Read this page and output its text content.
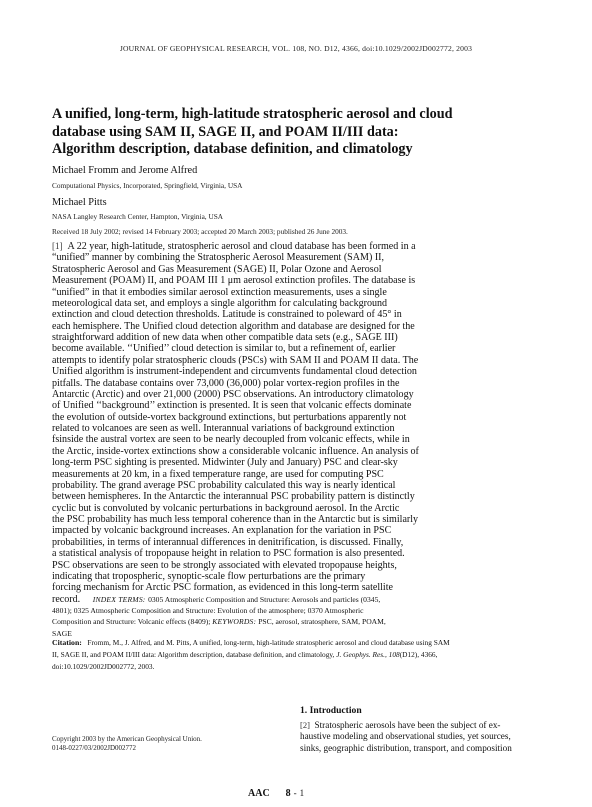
JOURNAL OF GEOPHYSICAL RESEARCH, VOL. 108, NO. D12, 4366, doi:10.1029/2002JD002772, 2003
A unified, long-term, high-latitude stratospheric aerosol and cloud
database using SAM II, SAGE II, and POAM II/III data:
Algorithm description, database definition, and climatology
Michael Fromm and Jerome Alfred
Computational Physics, Incorporated, Springfield, Virginia, USA
Michael Pitts
NASA Langley Research Center, Hampton, Virginia, USA
Received 18 July 2002; revised 14 February 2003; accepted 20 March 2003; published 26 June 2003.
[1] A 22 year, high-latitude, stratospheric aerosol and cloud database has been formed in a
“unified” manner by combining the Stratospheric Aerosol Measurement (SAM) II,
Stratospheric Aerosol and Gas Measurement (SAGE) II, Polar Ozone and Aerosol
Measurement (POAM) II, and POAM III 1 μm aerosol extinction profiles. The database is
“unified” in that it embodies similar aerosol extinction measurements, uses a single
meteorological data set, and employs a single algorithm for calculating background
extinction and cloud detection thresholds. Latitude is constrained to poleward of 45° in
each hemisphere. The Unified cloud detection algorithm and database are designed for the
straightforward addition of new data when other compatible data sets (e.g., SAGE III)
become available. ‘‘Unified’’ cloud detection is similar to, but a refinement of, earlier
attempts to identify polar stratospheric clouds (PSCs) with SAM II and POAM II data. The
Unified algorithm is instrument-independent and circumvents fundamental cloud detection
pitfalls. The database contains over 73,000 (36,000) polar vortex-region profiles in the
Antarctic (Arctic) and over 21,000 (2000) PSC observations. An introductory climatology
of Unified ‘‘background’’ extinction is presented. It is seen that volcanic effects dominate
the evolution of outside-vortex background extinctions, but perturbations apparently not
related to volcanoes are seen as well. Interannual variations of background extinction
fsinside the austral vortex are seen to be nearly decoupled from volcanic effects, while in
the Arctic, inside-vortex extinctions show a considerable volcanic influence. An analysis of
long-term PSC sighting is presented. Midwinter (July and January) PSC and clear-sky
measurements at 20 km, in a fixed temperature range, are used for computing PSC
probability. The grand average PSC probability calculated this way is nearly identical
between hemispheres. In the Antarctic the interannual PSC probability pattern is distinctly
cyclic but is convoluted by volcanic perturbations in background aerosol. In the Arctic
the PSC probability has much less temporal coherence than in the Antarctic but is similarly
impacted by volcanic background increases. An explanation for the variation in PSC
probabilities, in terms of interannual differences in denitrification, is discussed. Finally,
a statistical analysis of tropopause height in relation to PSC formation is also presented.
PSC observations are seen to be strongly associated with elevated tropopause heights,
indicating that tropospheric, synoptic-scale flow perturbations are the primary
forcing mechanism for Arctic PSC formation, as evidenced in this long-term satellite
record. INDEX TERMS: 0305 Atmospheric Composition and Structure: Aerosols and particles (0345,
4801); 0325 Atmospheric Composition and Structure: Evolution of the atmosphere; 0370 Atmospheric
Composition and Structure: Volcanic effects (8409); KEYWORDS: PSC, aerosol, stratosphere, SAM, POAM,
SAGE
Citation: Fromm, M., J. Alfred, and M. Pitts, A unified, long-term, high-latitude stratospheric aerosol and cloud database using SAM
II, SAGE II, and POAM II/III data: Algorithm description, database definition, and climatology, J. Geophys. Res., 108(D12), 4366,
doi:10.1029/2002JD002772, 2003.
Copyright 2003 by the American Geophysical Union.
0148-0227/03/2002JD002772
1. Introduction
[2] Stratospheric aerosols have been the subject of ex-
haustive modeling and observational studies, yet sources,
sinks, geographic distribution, transport, and composition
AAC 8 - 1
